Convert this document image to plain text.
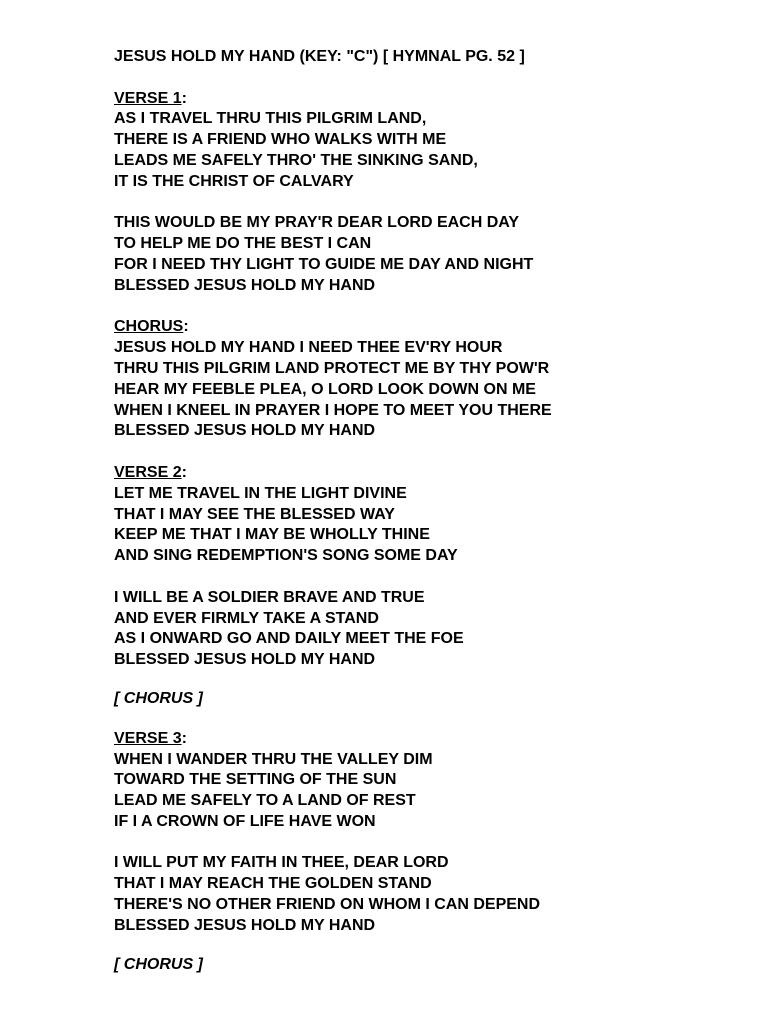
JESUS HOLD MY HAND (KEY: "C") [ HYMNAL PG. 52 ]

VERSE 1:

AS I TRAVEL THRU THIS PILGRIM LAND,

THERE IS A FRIEND WHO WALKS WITH ME

LEADS ME SAFELY THRO' THE SINKING SAND,

IT IS THE CHRIST OF CALVARY

THIS WOULD BE MY PRAY'R DEAR LORD EACH DAY

TO HELP ME DO THE BEST I CAN

FOR I NEED THY LIGHT TO GUIDE ME DAY AND NIGHT

BLESSED JESUS HOLD MY HAND

CHORUS:

JESUS HOLD MY HAND I NEED THEE EV'RY HOUR

THRU THIS PILGRIM LAND PROTECT ME BY THY POW'R

HEAR MY FEEBLE PLEA, O LORD LOOK DOWN ON ME

WHEN I KNEEL IN PRAYER I HOPE TO MEET YOU THERE

BLESSED JESUS HOLD MY HAND

VERSE 2:

LET ME TRAVEL IN THE LIGHT DIVINE

THAT I MAY SEE THE BLESSED WAY

KEEP ME THAT I MAY BE WHOLLY THINE

AND SING REDEMPTION'S SONG SOME DAY

I WILL BE A SOLDIER BRAVE AND TRUE

AND EVER FIRMLY TAKE A STAND

AS I ONWARD GO AND DAILY MEET THE FOE

BLESSED JESUS HOLD MY HAND

[ CHORUS ]

VERSE 3:

WHEN I WANDER THRU THE VALLEY DIM

TOWARD THE SETTING OF THE SUN

LEAD ME SAFELY TO A LAND OF REST

IF I A CROWN OF LIFE HAVE WON

I WILL PUT MY FAITH IN THEE, DEAR LORD

THAT I MAY REACH THE GOLDEN STAND

THERE'S NO OTHER FRIEND ON WHOM I CAN DEPEND

BLESSED JESUS HOLD MY HAND

[ CHORUS ]
